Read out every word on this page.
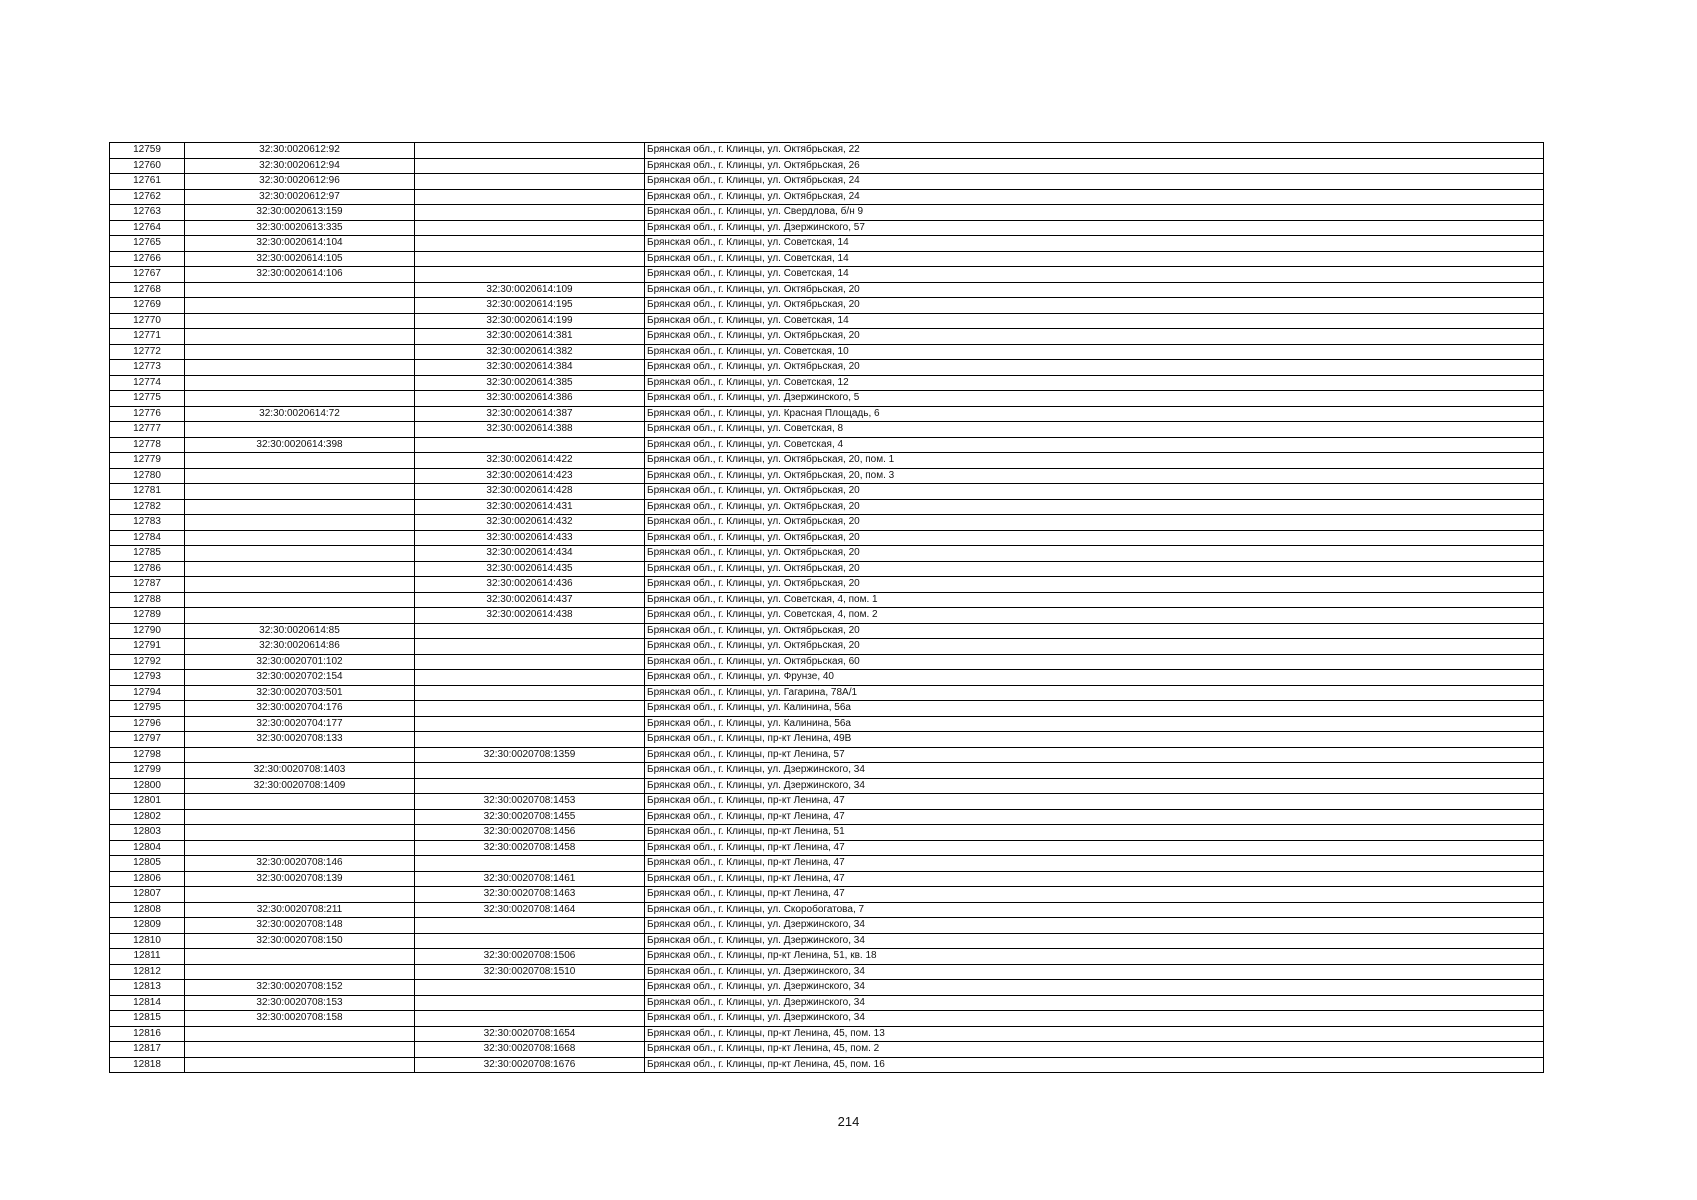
12759	32:30:0020612:92		Брянская обл., г. Клинцы, ул. Октябрьская, 22
12760	32:30:0020612:94		Брянская обл., г. Клинцы, ул. Октябрьская, 26
12761	32:30:0020612:96		Брянская обл., г. Клинцы, ул. Октябрьская, 24
12762	32:30:0020612:97		Брянская обл., г. Клинцы, ул. Октябрьская, 24
12763	32:30:0020613:159		Брянская обл., г. Клинцы, ул. Свердлова, б/н 9
12764	32:30:0020613:335		Брянская обл., г. Клинцы, ул. Дзержинского, 57
12765	32:30:0020614:104		Брянская обл., г. Клинцы, ул. Советская, 14
12766	32:30:0020614:105		Брянская обл., г. Клинцы, ул. Советская, 14
12767	32:30:0020614:106		Брянская обл., г. Клинцы, ул. Советская, 14
12768		32:30:0020614:109	Брянская обл., г. Клинцы, ул. Октябрьская, 20
12769		32:30:0020614:195	Брянская обл., г. Клинцы, ул. Октябрьская, 20
12770		32:30:0020614:199	Брянская обл., г. Клинцы, ул. Советская, 14
12771		32:30:0020614:381	Брянская обл., г. Клинцы, ул. Октябрьская, 20
12772		32:30:0020614:382	Брянская обл., г. Клинцы, ул. Советская, 10
12773		32:30:0020614:384	Брянская обл., г. Клинцы, ул. Октябрьская, 20
12774		32:30:0020614:385	Брянская обл., г. Клинцы, ул. Советская, 12
12775		32:30:0020614:386	Брянская обл., г. Клинцы, ул. Дзержинского, 5
12776	32:30:0020614:72	32:30:0020614:387	Брянская обл., г. Клинцы, ул. Красная Площадь, 6
12777		32:30:0020614:388	Брянская обл., г. Клинцы, ул. Советская, 8
12778	32:30:0020614:398		Брянская обл., г. Клинцы, ул. Советская, 4
12779		32:30:0020614:422	Брянская обл., г. Клинцы, ул. Октябрьская, 20, пом. 1
12780		32:30:0020614:423	Брянская обл., г. Клинцы, ул. Октябрьская, 20, пом. 3
12781		32:30:0020614:428	Брянская обл., г. Клинцы, ул. Октябрьская, 20
12782		32:30:0020614:431	Брянская обл., г. Клинцы, ул. Октябрьская, 20
12783		32:30:0020614:432	Брянская обл., г. Клинцы, ул. Октябрьская, 20
12784		32:30:0020614:433	Брянская обл., г. Клинцы, ул. Октябрьская, 20
12785		32:30:0020614:434	Брянская обл., г. Клинцы, ул. Октябрьская, 20
12786		32:30:0020614:435	Брянская обл., г. Клинцы, ул. Октябрьская, 20
12787		32:30:0020614:436	Брянская обл., г. Клинцы, ул. Октябрьская, 20
12788		32:30:0020614:437	Брянская обл., г. Клинцы, ул. Советская, 4, пом. 1
12789		32:30:0020614:438	Брянская обл., г. Клинцы, ул. Советская, 4, пом. 2
12790	32:30:0020614:85		Брянская обл., г. Клинцы, ул. Октябрьская, 20
12791	32:30:0020614:86		Брянская обл., г. Клинцы, ул. Октябрьская, 20
12792	32:30:0020701:102		Брянская обл., г. Клинцы, ул. Октябрьская, 60
12793	32:30:0020702:154		Брянская обл., г. Клинцы, ул. Фрунзе, 40
12794	32:30:0020703:501		Брянская обл., г. Клинцы, ул. Гагарина, 78А/1
12795	32:30:0020704:176		Брянская обл., г. Клинцы, ул. Калинина, 56а
12796	32:30:0020704:177		Брянская обл., г. Клинцы, ул. Калинина, 56а
12797	32:30:0020708:133		Брянская обл., г. Клинцы, пр-кт Ленина, 49В
12798		32:30:0020708:1359	Брянская обл., г. Клинцы, пр-кт Ленина, 57
12799	32:30:0020708:1403		Брянская обл., г. Клинцы, ул. Дзержинского, 34
12800	32:30:0020708:1409		Брянская обл., г. Клинцы, ул. Дзержинского, 34
12801		32:30:0020708:1453	Брянская обл., г. Клинцы, пр-кт Ленина, 47
12802		32:30:0020708:1455	Брянская обл., г. Клинцы, пр-кт Ленина, 47
12803		32:30:0020708:1456	Брянская обл., г. Клинцы, пр-кт Ленина, 51
12804		32:30:0020708:1458	Брянская обл., г. Клинцы, пр-кт Ленина, 47
12805	32:30:0020708:146		Брянская обл., г. Клинцы, пр-кт Ленина, 47
12806	32:30:0020708:139	32:30:0020708:1461	Брянская обл., г. Клинцы, пр-кт Ленина, 47
12807		32:30:0020708:1463	Брянская обл., г. Клинцы, пр-кт Ленина, 47
12808	32:30:0020708:211	32:30:0020708:1464	Брянская обл., г. Клинцы, ул. Скоробогатова, 7
12809	32:30:0020708:148		Брянская обл., г. Клинцы, ул. Дзержинского, 34
12810	32:30:0020708:150		Брянская обл., г. Клинцы, ул. Дзержинского, 34
12811		32:30:0020708:1506	Брянская обл., г. Клинцы, пр-кт Ленина, 51, кв. 18
12812		32:30:0020708:1510	Брянская обл., г. Клинцы, ул. Дзержинского, 34
12813	32:30:0020708:152		Брянская обл., г. Клинцы, ул. Дзержинского, 34
12814	32:30:0020708:153		Брянская обл., г. Клинцы, ул. Дзержинского, 34
12815	32:30:0020708:158		Брянская обл., г. Клинцы, ул. Дзержинского, 34
12816		32:30:0020708:1654	Брянская обл., г. Клинцы, пр-кт Ленина, 45, пом. 13
12817		32:30:0020708:1668	Брянская обл., г. Клинцы, пр-кт Ленина, 45, пом. 2
12818		32:30:0020708:1676	Брянская обл., г. Клинцы, пр-кт Ленина, 45, пом. 16
214
